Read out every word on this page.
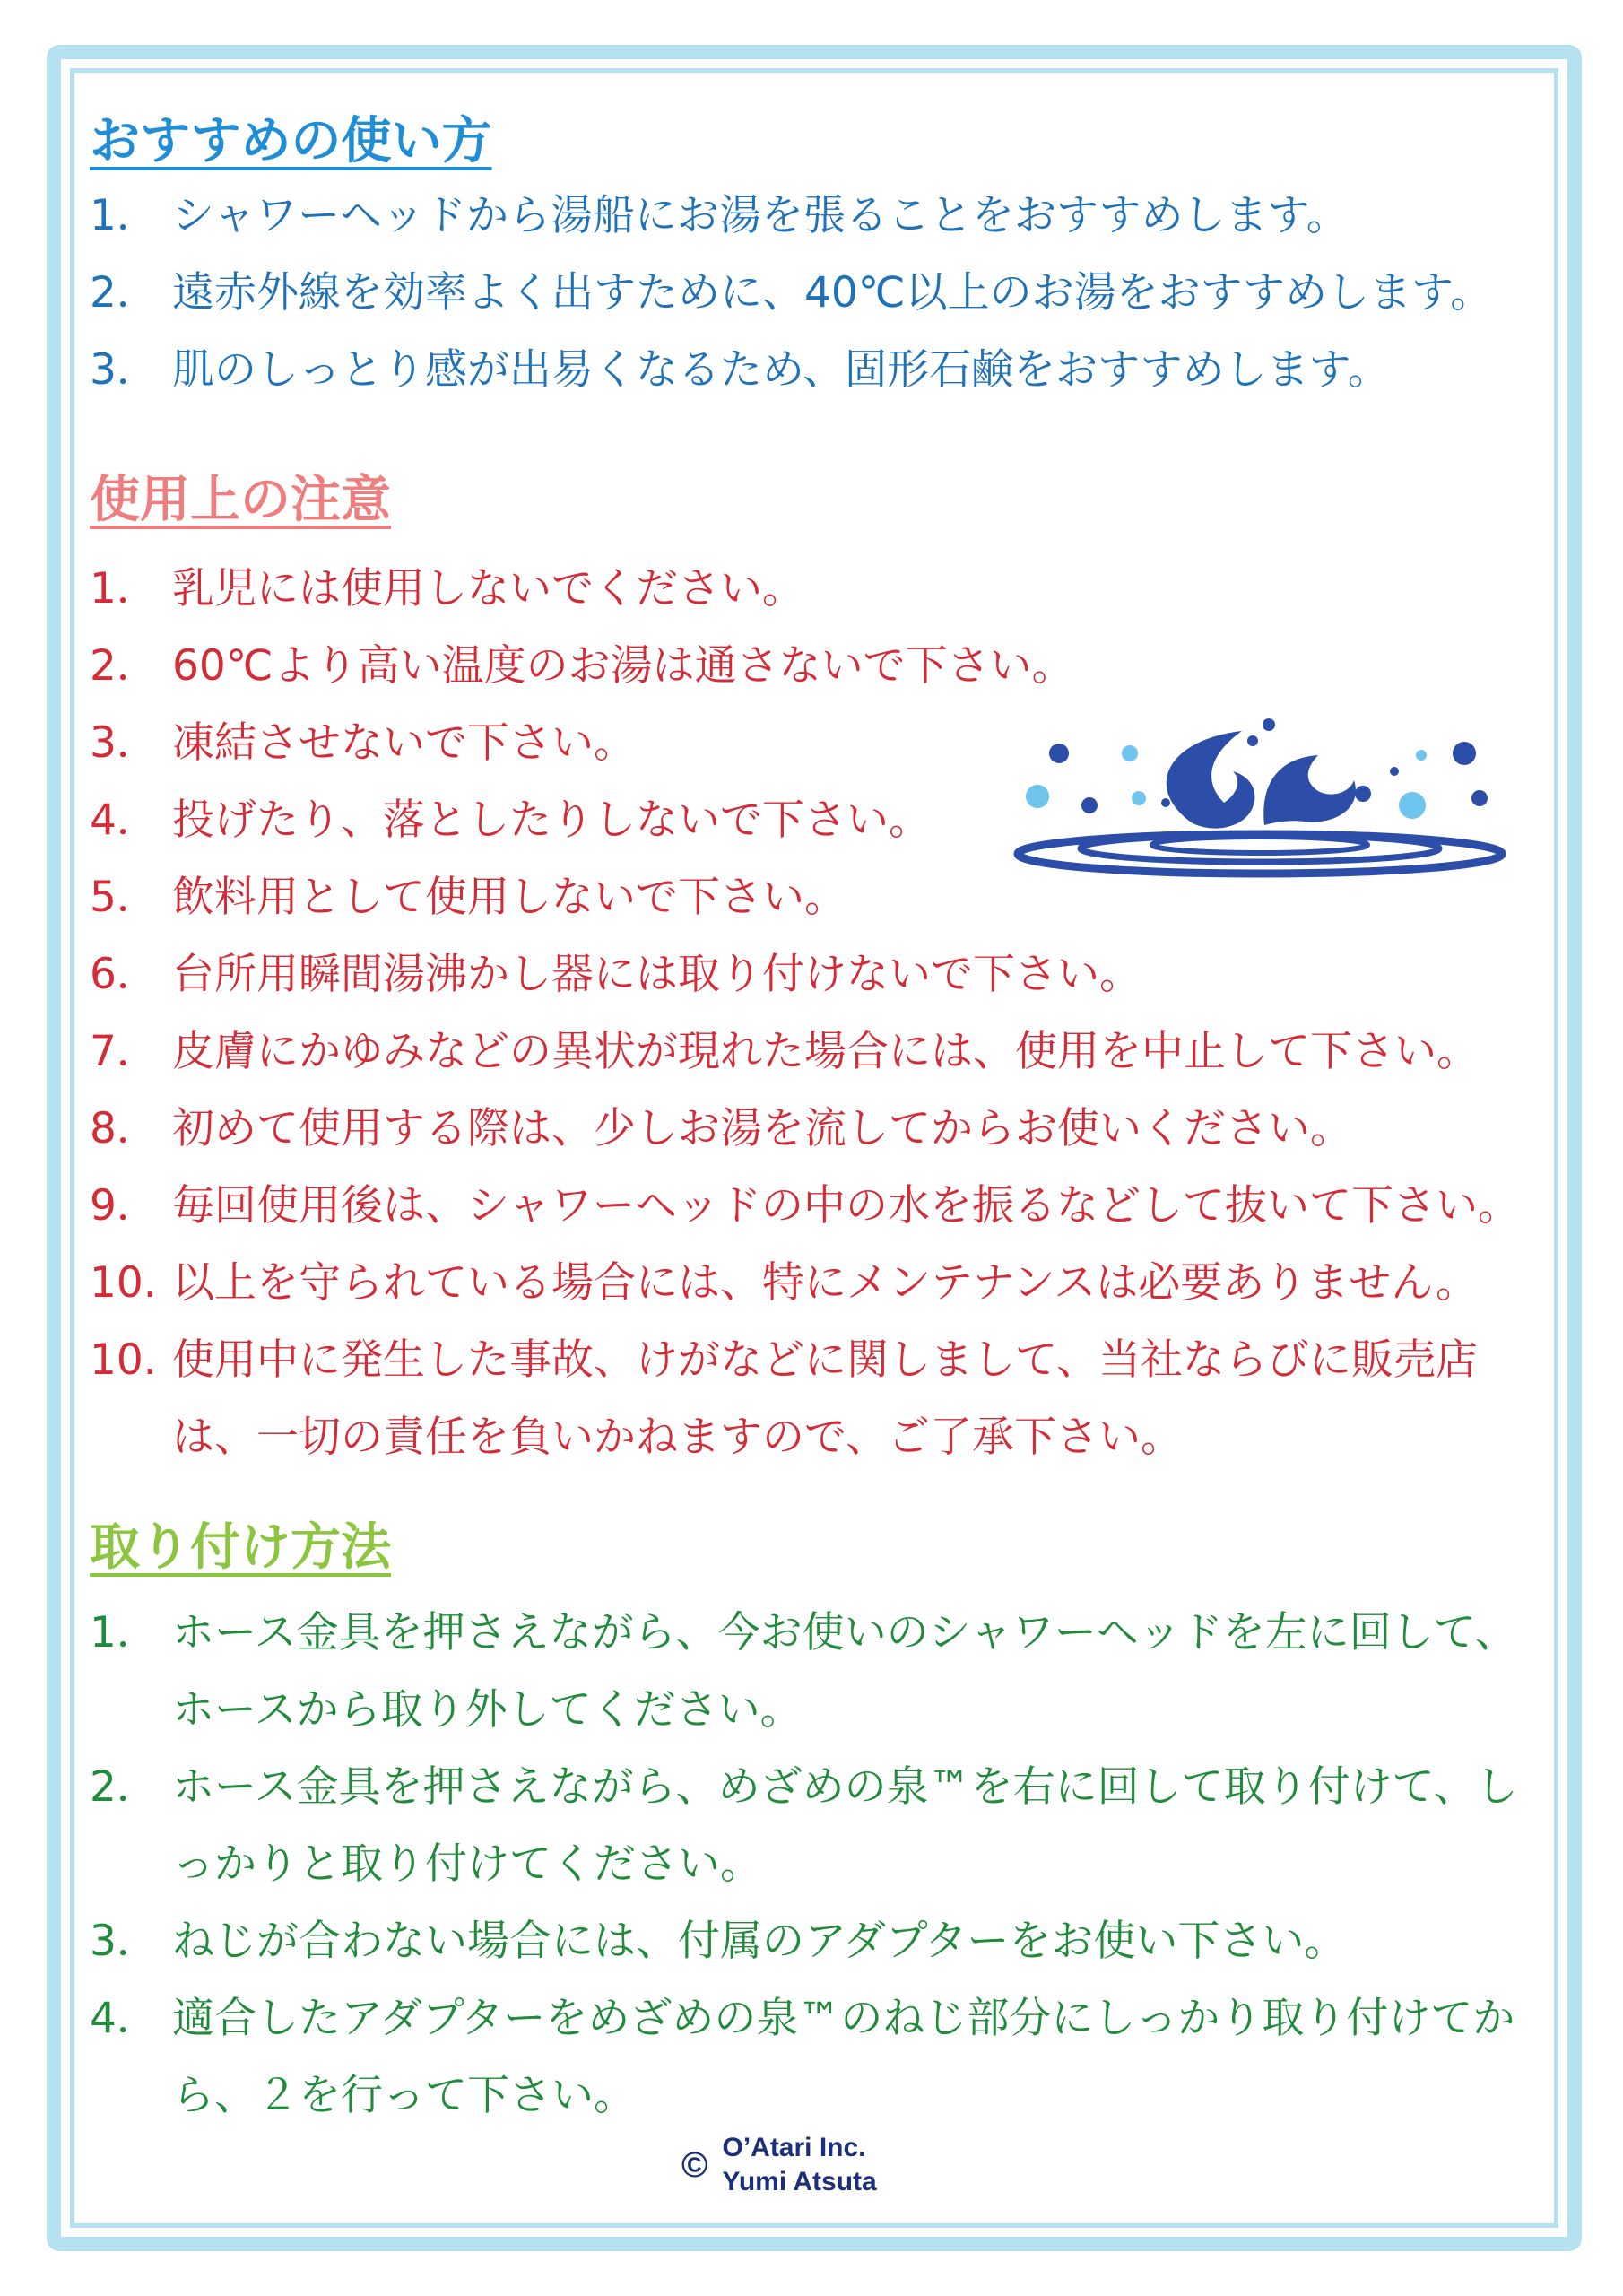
おすすめの使い方
1． シャワーヘッドから湯船にお湯を張ることをおすすめします。
2． 遠赤外線を効率よく出すために、40℃以上のお湯をおすすめします。
3． 肌のしっとり感が出易くなるため、固形石鹸をおすすめします。
使用上の注意
1． 乳児には使用しないでください。
2． 60℃より高い温度のお湯は通さないで下さい。
3． 凍結させないで下さい。
4． 投げたり、落としたりしないで下さい。
5． 飲料用として使用しないで下さい。
6． 台所用瞬間湯沸かし器には取り付けないで下さい。
7． 皮膚にかゆみなどの異状が現れた場合には、使用を中止して下さい。
8． 初めて使用する際は、少しお湯を流してからお使いください。
9． 毎回使用後は、シャワーヘッドの中の水を振るなどして抜いて下さい。
10. 以上を守られている場合には、特にメンテナンスは必要ありません。
10. 使用中に発生した事故、けがなどに関しまして、当社ならびに販売店は、一切の責任を負いかねますので、ご了承下さい。
取り付け方法
1． ホース金具を押さえながら、今お使いのシャワーヘッドを左に回して、ホースから取り外してください。
2． ホース金具を押さえながら、めざめの泉™を右に回して取り付けて、しっかりと取り付けてください。
3． ねじが合わない場合には、付属のアダプターをお使い下さい。
4． 適合したアダプターをめざめの泉™のねじ部分にしっかり取り付けてから、２を行って下さい。
© O’Atari Inc.
Yumi Atsuta
